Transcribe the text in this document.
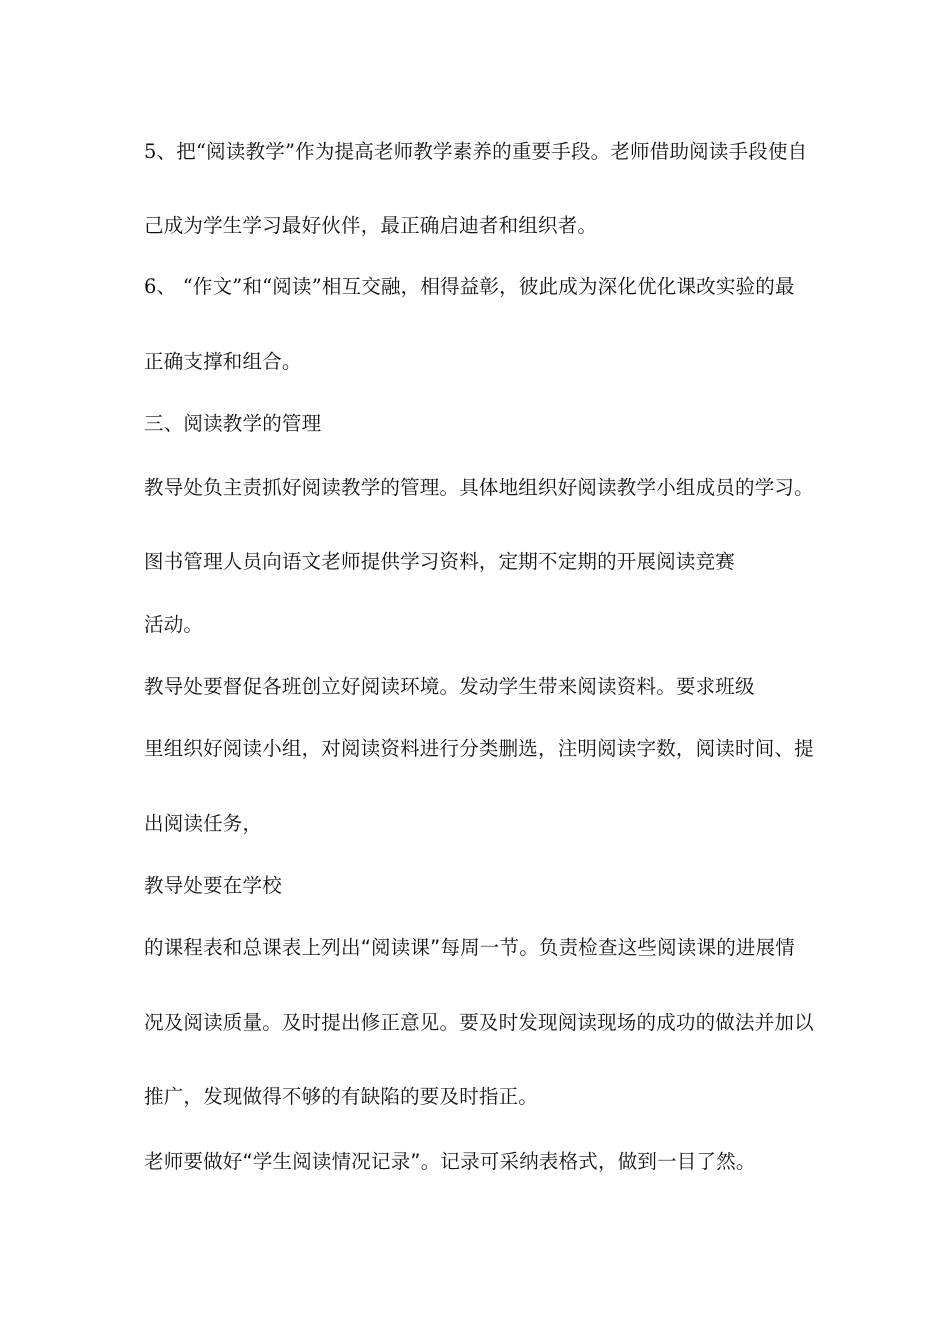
5、把“阅读教学”作为提高老师教学素养的重要手段。老师借助阅读手段使自
己成为学生学习最好伙伴，最正确启迪者和组织者。
6、 “作文”和“阅读”相互交融，相得益彰，彼此成为深化优化课改实验的最
正确支撑和组合。
三、阅读教学的管理
教导处负主责抓好阅读教学的管理。具体地组织好阅读教学小组成员的学习。
图书管理人员向语文老师提供学习资料，定期不定期的开展阅读竞赛
活动。
教导处要督促各班创立好阅读环境。发动学生带来阅读资料。要求班级
里组织好阅读小组，对阅读资料进行分类删选，注明阅读字数，阅读时间、提
出阅读任务，
教导处要在学校
的课程表和总课表上列出“阅读课”每周一节。负责检查这些阅读课的进展情
况及阅读质量。及时提出修正意见。要及时发现阅读现场的成功的做法并加以
推广，发现做得不够的有缺陷的要及时指正。
老师要做好“学生阅读情况记录”。记录可采纳表格式，做到一目了然。
